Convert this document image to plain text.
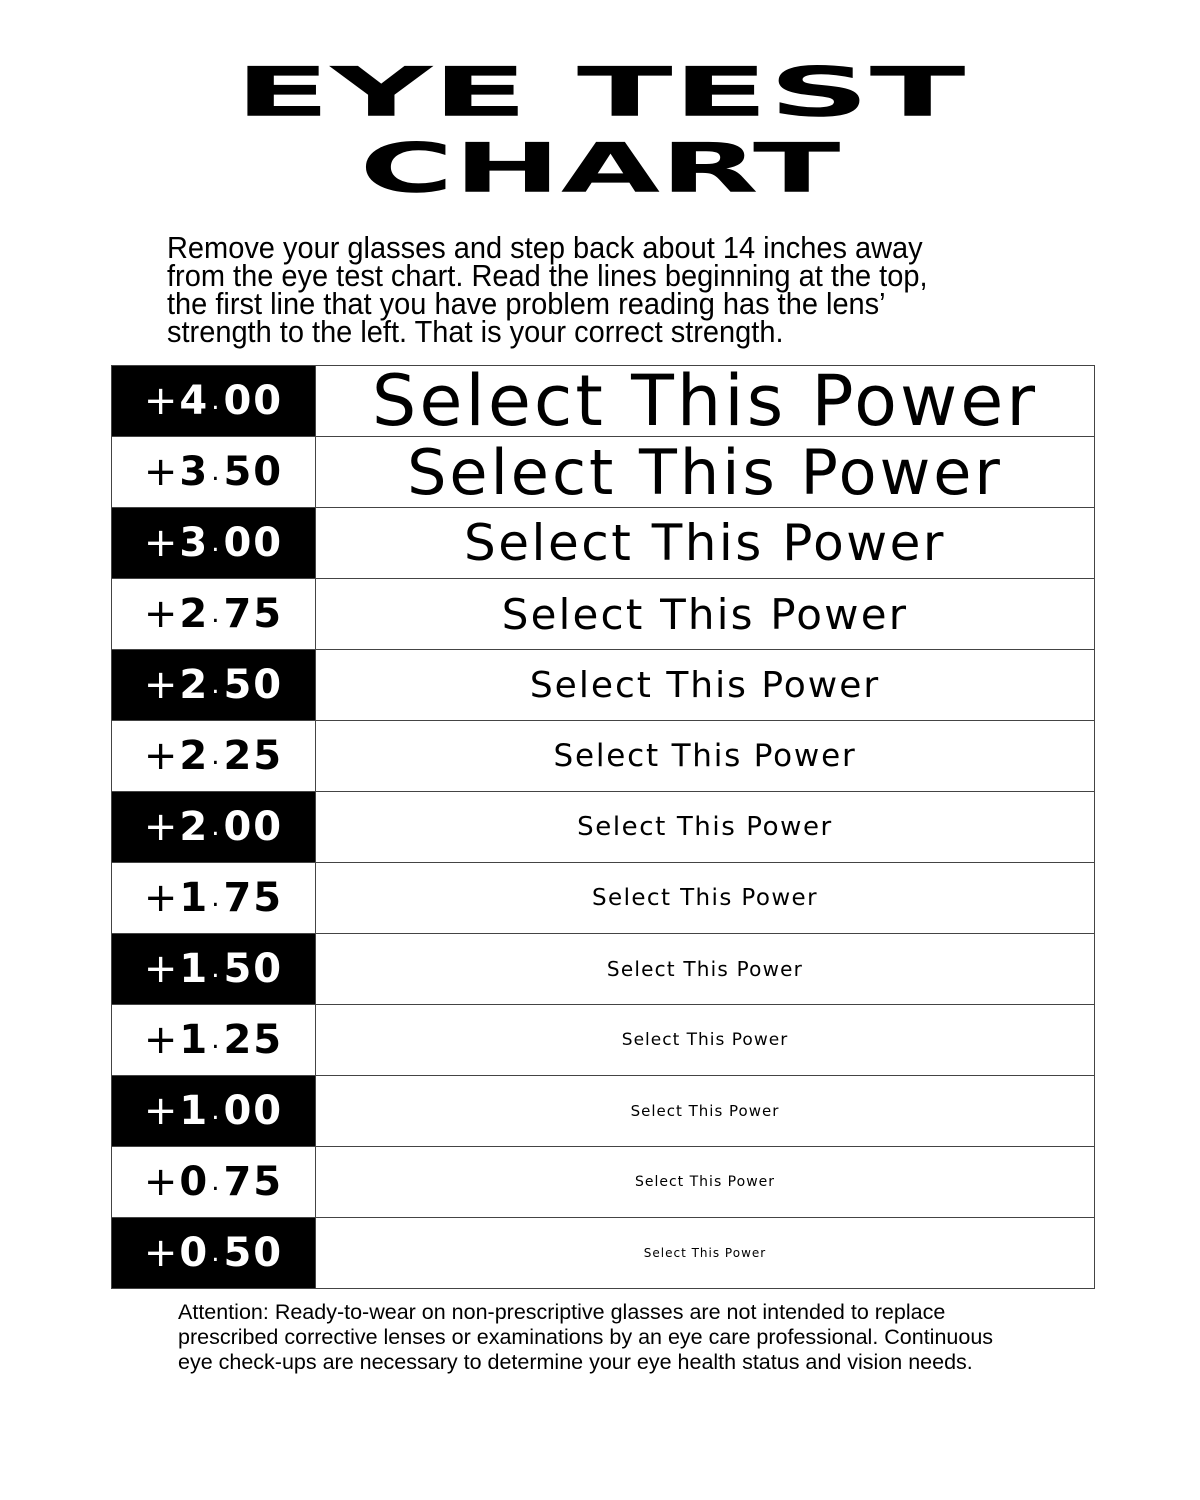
EYE TEST
CHART

Remove your glasses and step back about 14 inches away
from the eye test chart. Read the lines beginning at the top,
the first line that you have problem reading has the lens’
strength to the left. That is your correct strength.

+ 4 . 00	Select This Power
+ 3 . 50	Select This Power
+ 3 . 00	Select This Power
+ 2 . 75	Select This Power
+ 2 . 50	Select This Power
+ 2 . 25	Select This Power
+ 2 . 00	Select This Power
+ 1 . 75	Select This Power
+ 1 . 50	Select This Power
+ 1 . 25	Select This Power
+ 1 . 00	Select This Power
+ 0 . 75	Select This Power
+ 0 . 50	Select This Power

Attention: Ready-to-wear on non-prescriptive glasses are not intended to replace
prescribed corrective lenses or examinations by an eye care professional. Continuous
eye check-ups are necessary to determine your eye health status and vision needs.
